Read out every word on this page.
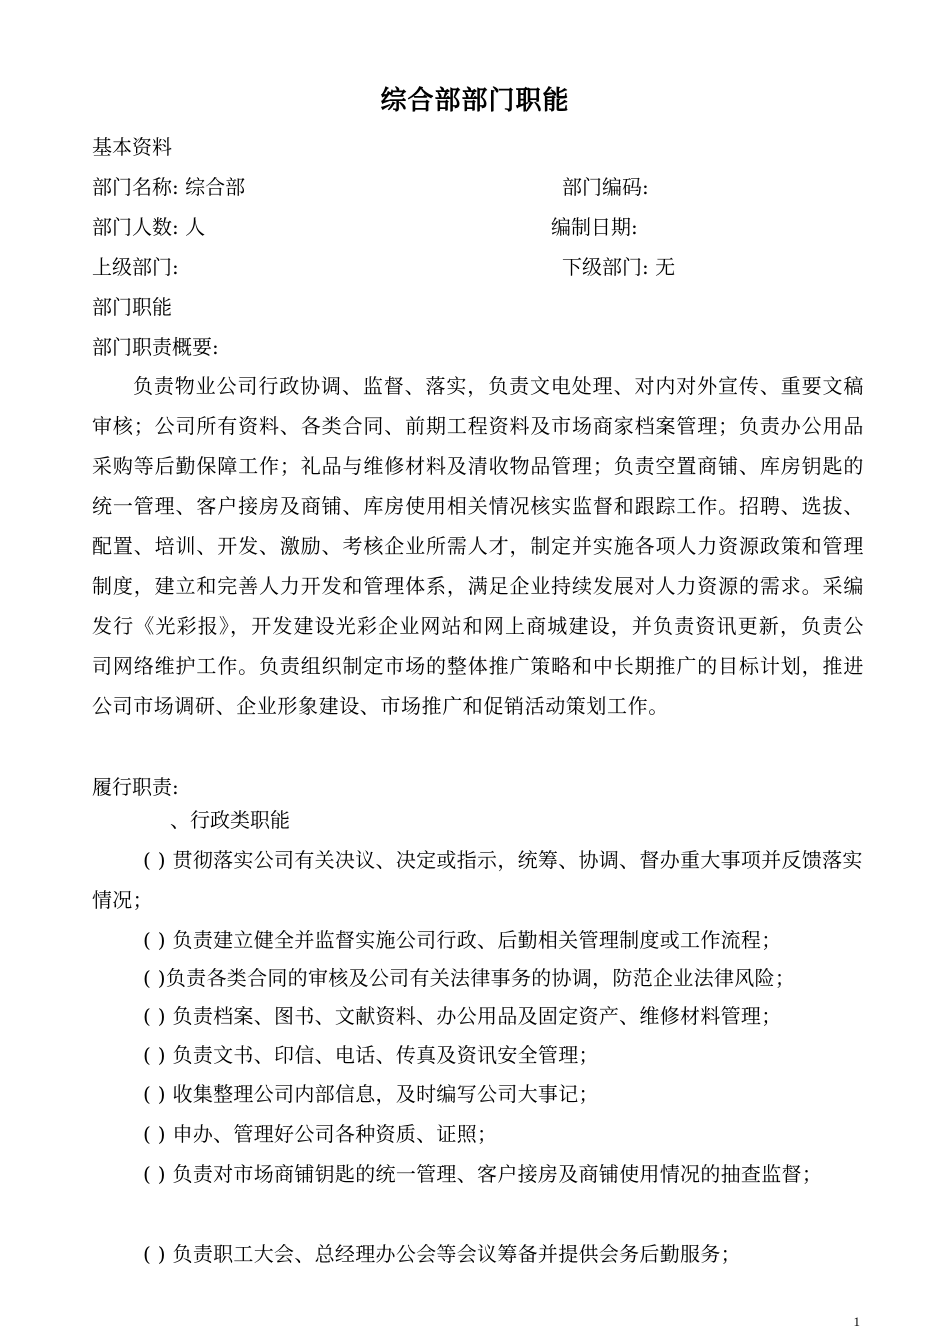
综合部部门职能
基本资料
部门名称: 综合部	部门编码:
部门人数: 人	编制日期:
上级部门:	下级部门: 无
部门职能
部门职责概要:
负责物业公司行政协调、监督、落实，负责文电处理、对内对外宣传、重要文稿审核；公司所有资料、各类合同、前期工程资料及市场商家档案管理；负责办公用品采购等后勤保障工作；礼品与维修材料及清收物品管理；负责空置商铺、库房钥匙的统一管理、客户接房及商铺、库房使用相关情况核实监督和跟踪工作。招聘、选拔、配置、培训、开发、激励、考核企业所需人才，制定并实施各项人力资源政策和管理制度，建立和完善人力开发和管理体系，满足企业持续发展对人力资源的需求。采编发行《光彩报》，开发建设光彩企业网站和网上商城建设，并负责资讯更新，负责公司网络维护工作。负责组织制定市场的整体推广策略和中长期推广的目标计划，推进公司市场调研、企业形象建设、市场推广和促销活动策划工作。
履行职责:
、行政类职能
( ) 贯彻落实公司有关决议、决定或指示，统筹、协调、督办重大事项并反馈落实情况；
( ) 负责建立健全并监督实施公司行政、后勤相关管理制度或工作流程；
( )负责各类合同的审核及公司有关法律事务的协调，防范企业法律风险；
( ) 负责档案、图书、文献资料、办公用品及固定资产、维修材料管理；
( ) 负责文书、印信、电话、传真及资讯安全管理；
( ) 收集整理公司内部信息，及时编写公司大事记；
( ) 申办、管理好公司各种资质、证照；
( ) 负责对市场商铺钥匙的统一管理、客户接房及商铺使用情况的抽查监督；
( ) 负责职工大会、总经理办公会等会议筹备并提供会务后勤服务；
1
